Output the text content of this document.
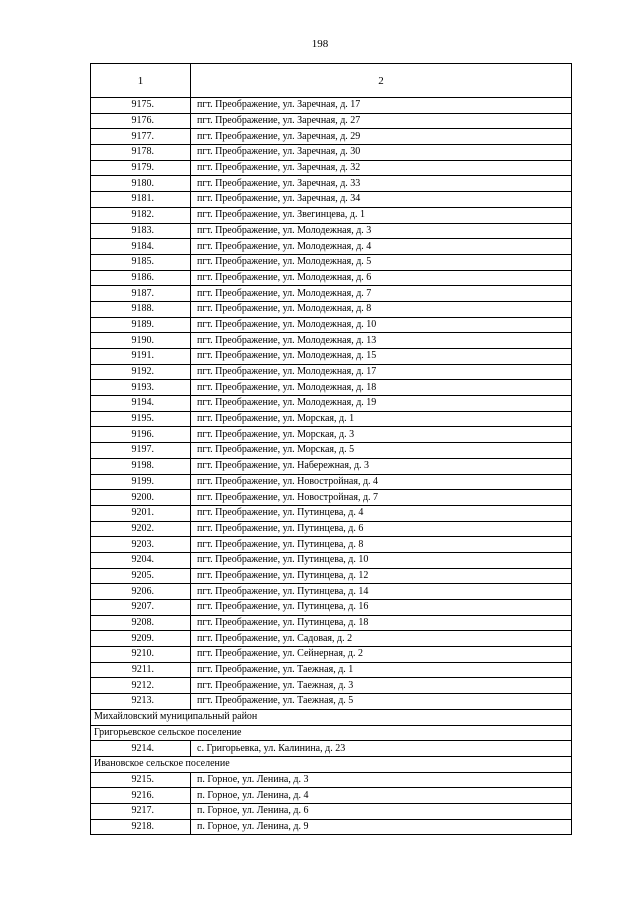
198
1	2
9175.	пгт. Преображение, ул. Заречная, д. 17
9176.	пгт. Преображение, ул. Заречная, д. 27
9177.	пгт. Преображение, ул. Заречная, д. 29
9178.	пгт. Преображение, ул. Заречная, д. 30
9179.	пгт. Преображение, ул. Заречная, д. 32
9180.	пгт. Преображение, ул. Заречная, д. 33
9181.	пгт. Преображение, ул. Заречная, д. 34
9182.	пгт. Преображение, ул. Звегинцева, д. 1
9183.	пгт. Преображение, ул. Молодежная, д. 3
9184.	пгт. Преображение, ул. Молодежная, д. 4
9185.	пгт. Преображение, ул. Молодежная, д. 5
9186.	пгт. Преображение, ул. Молодежная, д. 6
9187.	пгт. Преображение, ул. Молодежная, д. 7
9188.	пгт. Преображение, ул. Молодежная, д. 8
9189.	пгт. Преображение, ул. Молодежная, д. 10
9190.	пгт. Преображение, ул. Молодежная, д. 13
9191.	пгт. Преображение, ул. Молодежная, д. 15
9192.	пгт. Преображение, ул. Молодежная, д. 17
9193.	пгт. Преображение, ул. Молодежная, д. 18
9194.	пгт. Преображение, ул. Молодежная, д. 19
9195.	пгт. Преображение, ул. Морская, д. 1
9196.	пгт. Преображение, ул. Морская, д. 3
9197.	пгт. Преображение, ул. Морская, д. 5
9198.	пгт. Преображение, ул. Набережная, д. 3
9199.	пгт. Преображение, ул. Новостройная, д. 4
9200.	пгт. Преображение, ул. Новостройная, д. 7
9201.	пгт. Преображение, ул. Путинцева, д. 4
9202.	пгт. Преображение, ул. Путинцева, д. 6
9203.	пгт. Преображение, ул. Путинцева, д. 8
9204.	пгт. Преображение, ул. Путинцева, д. 10
9205.	пгт. Преображение, ул. Путинцева, д. 12
9206.	пгт. Преображение, ул. Путинцева, д. 14
9207.	пгт. Преображение, ул. Путинцева, д. 16
9208.	пгт. Преображение, ул. Путинцева, д. 18
9209.	пгт. Преображение, ул. Садовая, д. 2
9210.	пгт. Преображение, ул. Сейнерная, д. 2
9211.	пгт. Преображение, ул. Таежная, д. 1
9212.	пгт. Преображение, ул. Таежная, д. 3
9213.	пгт. Преображение, ул. Таежная, д. 5
Михайловский муниципальный район	
Григорьевское сельское поселение	
9214.	с. Григорьевка, ул. Калинина, д. 23
Ивановское сельское поселение	
9215.	п. Горное, ул. Ленина, д. 3
9216.	п. Горное, ул. Ленина, д. 4
9217.	п. Горное, ул. Ленина, д. 6
9218.	п. Горное, ул. Ленина, д. 9
